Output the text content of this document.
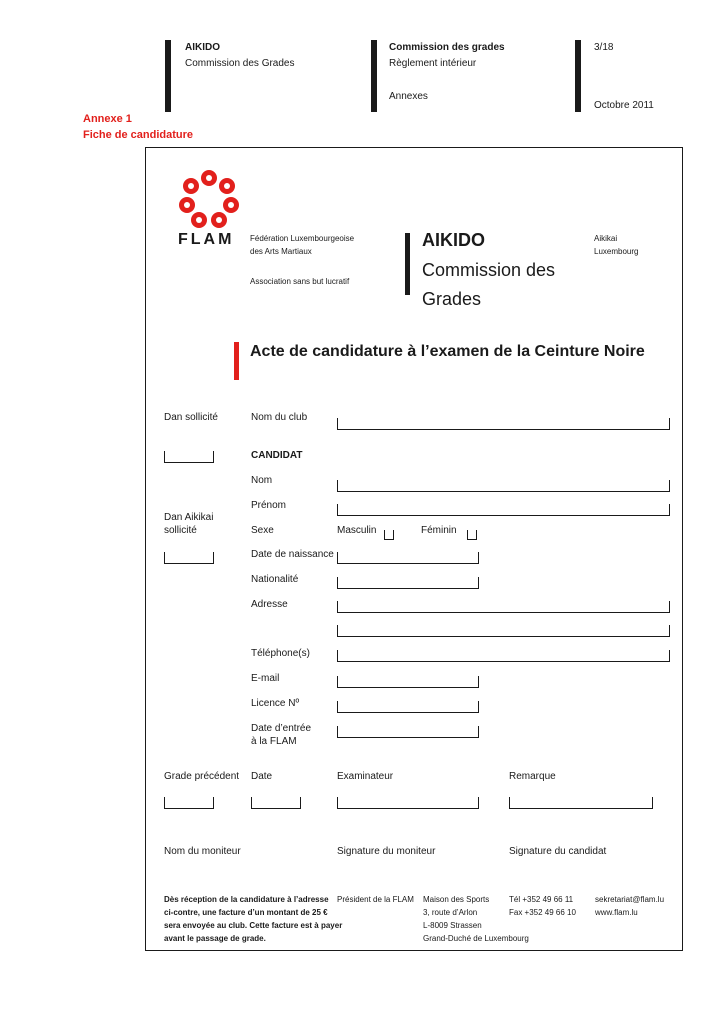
AIKIDO
Commission des Grades
Commission des grades
Règlement intérieur
Annexes
3/18
Octobre 2011
Annexe 1
Fiche de candidature
FLAM Fédération Luxembourgeoise
des Arts Martiaux
Association sans but lucratif
AIKIDO
Commission des
Grades
Aikikai
Luxembourg
Acte de candidature à l’examen de la Ceinture Noire
Dan sollicité
Dan Aikikai
sollicité
Nom du club
CANDIDAT
Nom
Prénom
Sexe	Masculin	Féminin
Date de naissance
Nationalité
Adresse
Téléphone(s)
E-mail
Licence Nº
Date d’entrée
à la FLAM
Grade précédent Date	Examinateur	Remarque
Nom du moniteur	Signature du moniteur	Signature du candidat
Dès réception de la candidature à l’adresse
ci-contre, une facture d’un montant de 25 €
sera envoyée au club. Cette facture est à payer
avant le passage de grade.
Président de la FLAM Maison des Sports
3, route d’Arlon
L-8009 Strassen
Grand-Duché de Luxembourg
Tél +352 49 66 11
Fax +352 49 66 10
sekretariat@flam.lu
www.flam.lu
